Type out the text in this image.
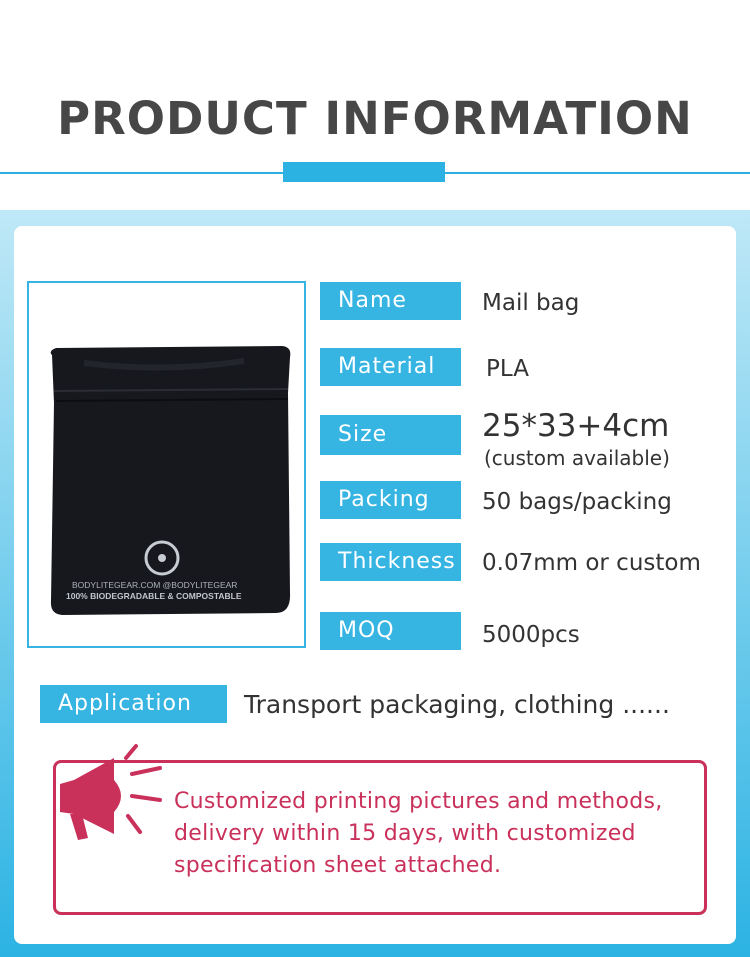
PRODUCT INFORMATION
BODYLITEGEAR.COM @BODYLITEGEAR
100% BIODEGRADABLE & COMPOSTABLE
Name	Mail bag
Material	PLA
Size	25*33+4cm
(custom available)
Packing	50 bags/packing
Thickness 0.07mm or custom
MOQ	5000pcs
Application	Transport packaging, clothing ......
Customized printing pictures and methods,
delivery within 15 days, with customized
specification sheet attached.
